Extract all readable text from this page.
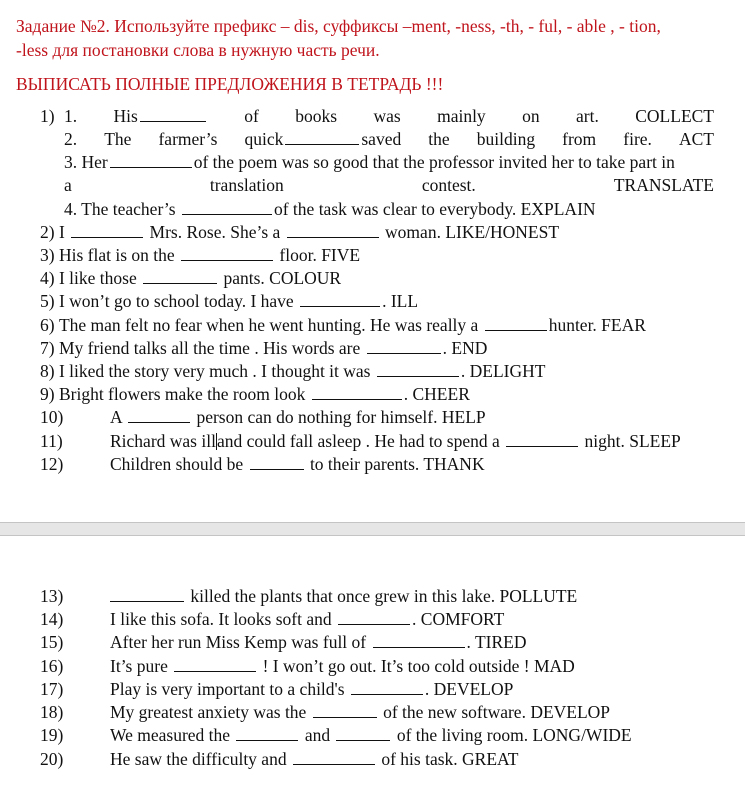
Задание №2. Используйте префикс – dis, суффиксы –ment, -ness, -th, - ful, - able , - tion,
-less для постановки слова в нужную часть речи.
ВЫПИСАТЬ ПОЛНЫЕ ПРЕДЛОЖЕНИЯ В ТЕТРАДЬ !!!
1) 1. His	of books was mainly on art. COLLECT
2. The farmer’s quick	saved the building from fire. ACT
3. Her	of the poem was so good that the professor invited her to take part in
a	translation	contest.	TRANSLATE
4. The teacher’s	of the task was clear to everybody. EXPLAIN
2) I	Mrs. Rose. She’s a	woman. LIKE/HONEST
3) His flat is on the	floor. FIVE
4) I like those	pants. COLOUR
5) I won’t go to school today. I have	. ILL
6) The man felt no fear when he went hunting. He was really a	hunter. FEAR
7) My friend talks all the time . His words are	. END
8) I liked the story very much . I thought it was	. DELIGHT
9) Bright flowers make the room look	. CHEER
10)	A	person can do nothing for himself. HELP
11)	Richard was illand could fall asleep . He had to spend a	night. SLEEP
12)	Children should be	to their parents. THANK
13)	killed the plants that once grew in this lake. POLLUTE
14)	I like this sofa. It looks soft and	. COMFORT
15)	After her run Miss Kemp was full of	. TIRED
16)	It’s pure	! I won’t go out. It’s too cold outside ! MAD
17)	Play is very important to a child's	. DEVELOP
18)	My greatest anxiety was the	of the new software. DEVELOP
19)	We measured the	and	of the living room. LONG/WIDE
20)	He saw the difficulty and	of his task. GREAT
